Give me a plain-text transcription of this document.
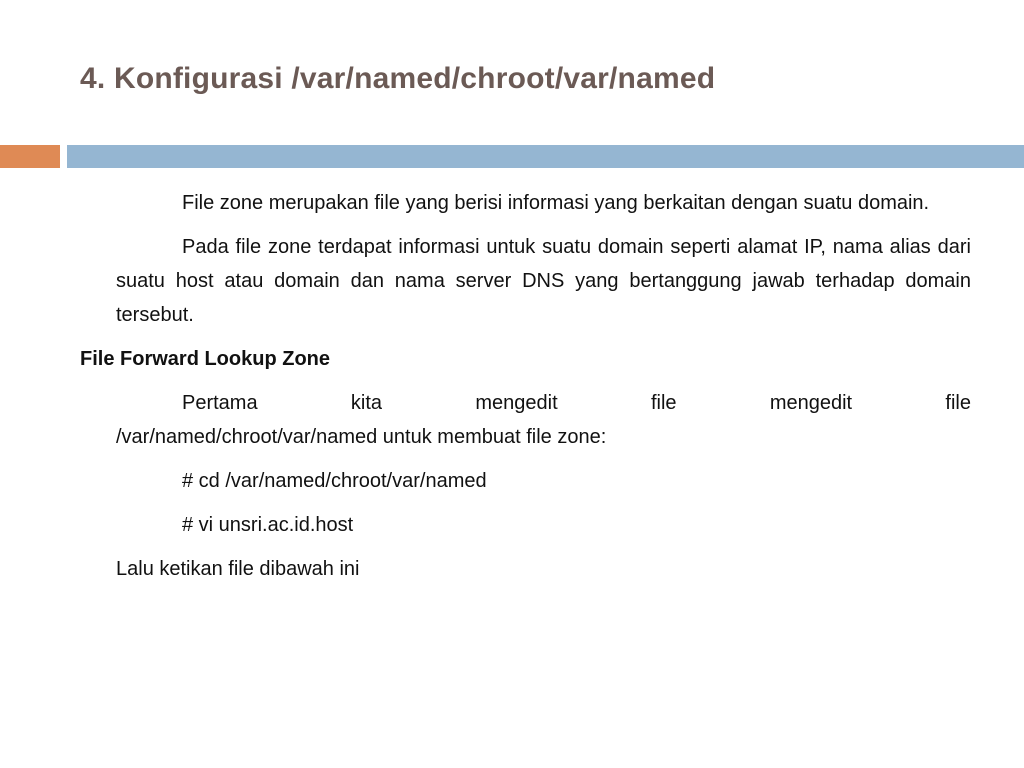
4. Konfigurasi /var/named/chroot/var/named
File zone merupakan file yang berisi informasi yang berkaitan dengan suatu domain.
Pada file zone terdapat informasi untuk suatu domain seperti alamat IP, nama alias dari suatu host atau domain dan nama server DNS yang bertanggung jawab terhadap domain tersebut.
File Forward Lookup Zone
Pertama	kita	mengedit	file	mengedit	file
/var/named/chroot/var/named untuk membuat file zone:
# cd /var/named/chroot/var/named
# vi unsri.ac.id.host
Lalu ketikan file dibawah ini
